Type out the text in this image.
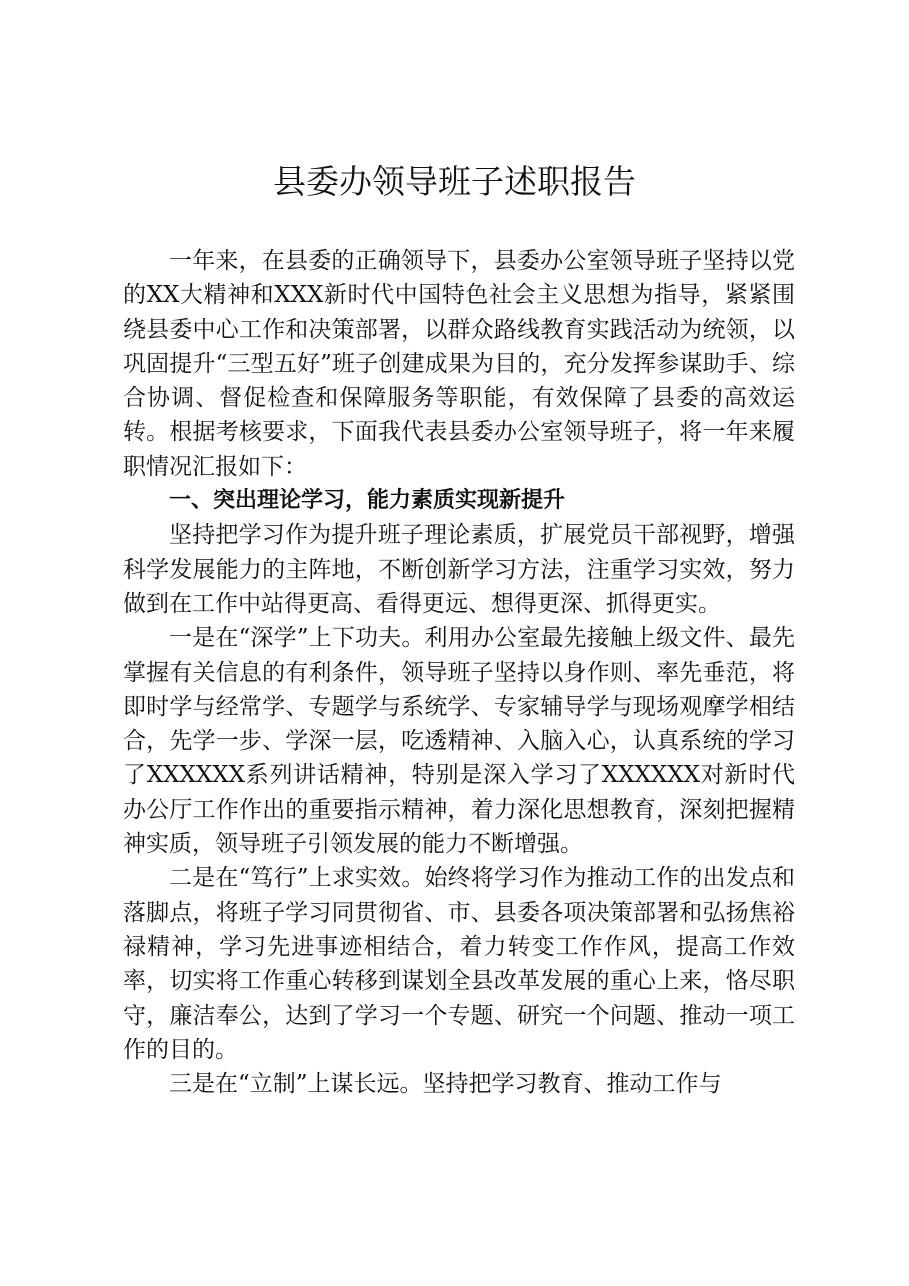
县委办领导班子述职报告

一年来，在县委的正确领导下，县委办公室领导班子坚持以党的XX大精神和XXX新时代中国特色社会主义思想为指导，紧紧围绕县委中心工作和决策部署，以群众路线教育实践活动为统领，以巩固提升“三型五好”班子创建成果为目的，充分发挥参谋助手、综合协调、督促检查和保障服务等职能，有效保障了县委的高效运转。根据考核要求，下面我代表县委办公室领导班子，将一年来履职情况汇报如下：

一、突出理论学习，能力素质实现新提升

坚持把学习作为提升班子理论素质，扩展党员干部视野，增强科学发展能力的主阵地，不断创新学习方法，注重学习实效，努力做到在工作中站得更高、看得更远、想得更深、抓得更实。

一是在“深学”上下功夫。利用办公室最先接触上级文件、最先掌握有关信息的有利条件，领导班子坚持以身作则、率先垂范，将即时学与经常学、专题学与系统学、专家辅导学与现场观摩学相结合，先学一步、学深一层，吃透精神、入脑入心，认真系统的学习了XXXXXX系列讲话精神，特别是深入学习了XXXXXX对新时代办公厅工作作出的重要指示精神，着力深化思想教育，深刻把握精神实质，领导班子引领发展的能力不断增强。

二是在“笃行”上求实效。始终将学习作为推动工作的出发点和落脚点，将班子学习同贯彻省、市、县委各项决策部署和弘扬焦裕禄精神，学习先进事迹相结合，着力转变工作作风，提高工作效率，切实将工作重心转移到谋划全县改革发展的重心上来，恪尽职守，廉洁奉公，达到了学习一个专题、研究一个问题、推动一项工作的目的。

三是在“立制”上谋长远。坚持把学习教育、推动工作与
